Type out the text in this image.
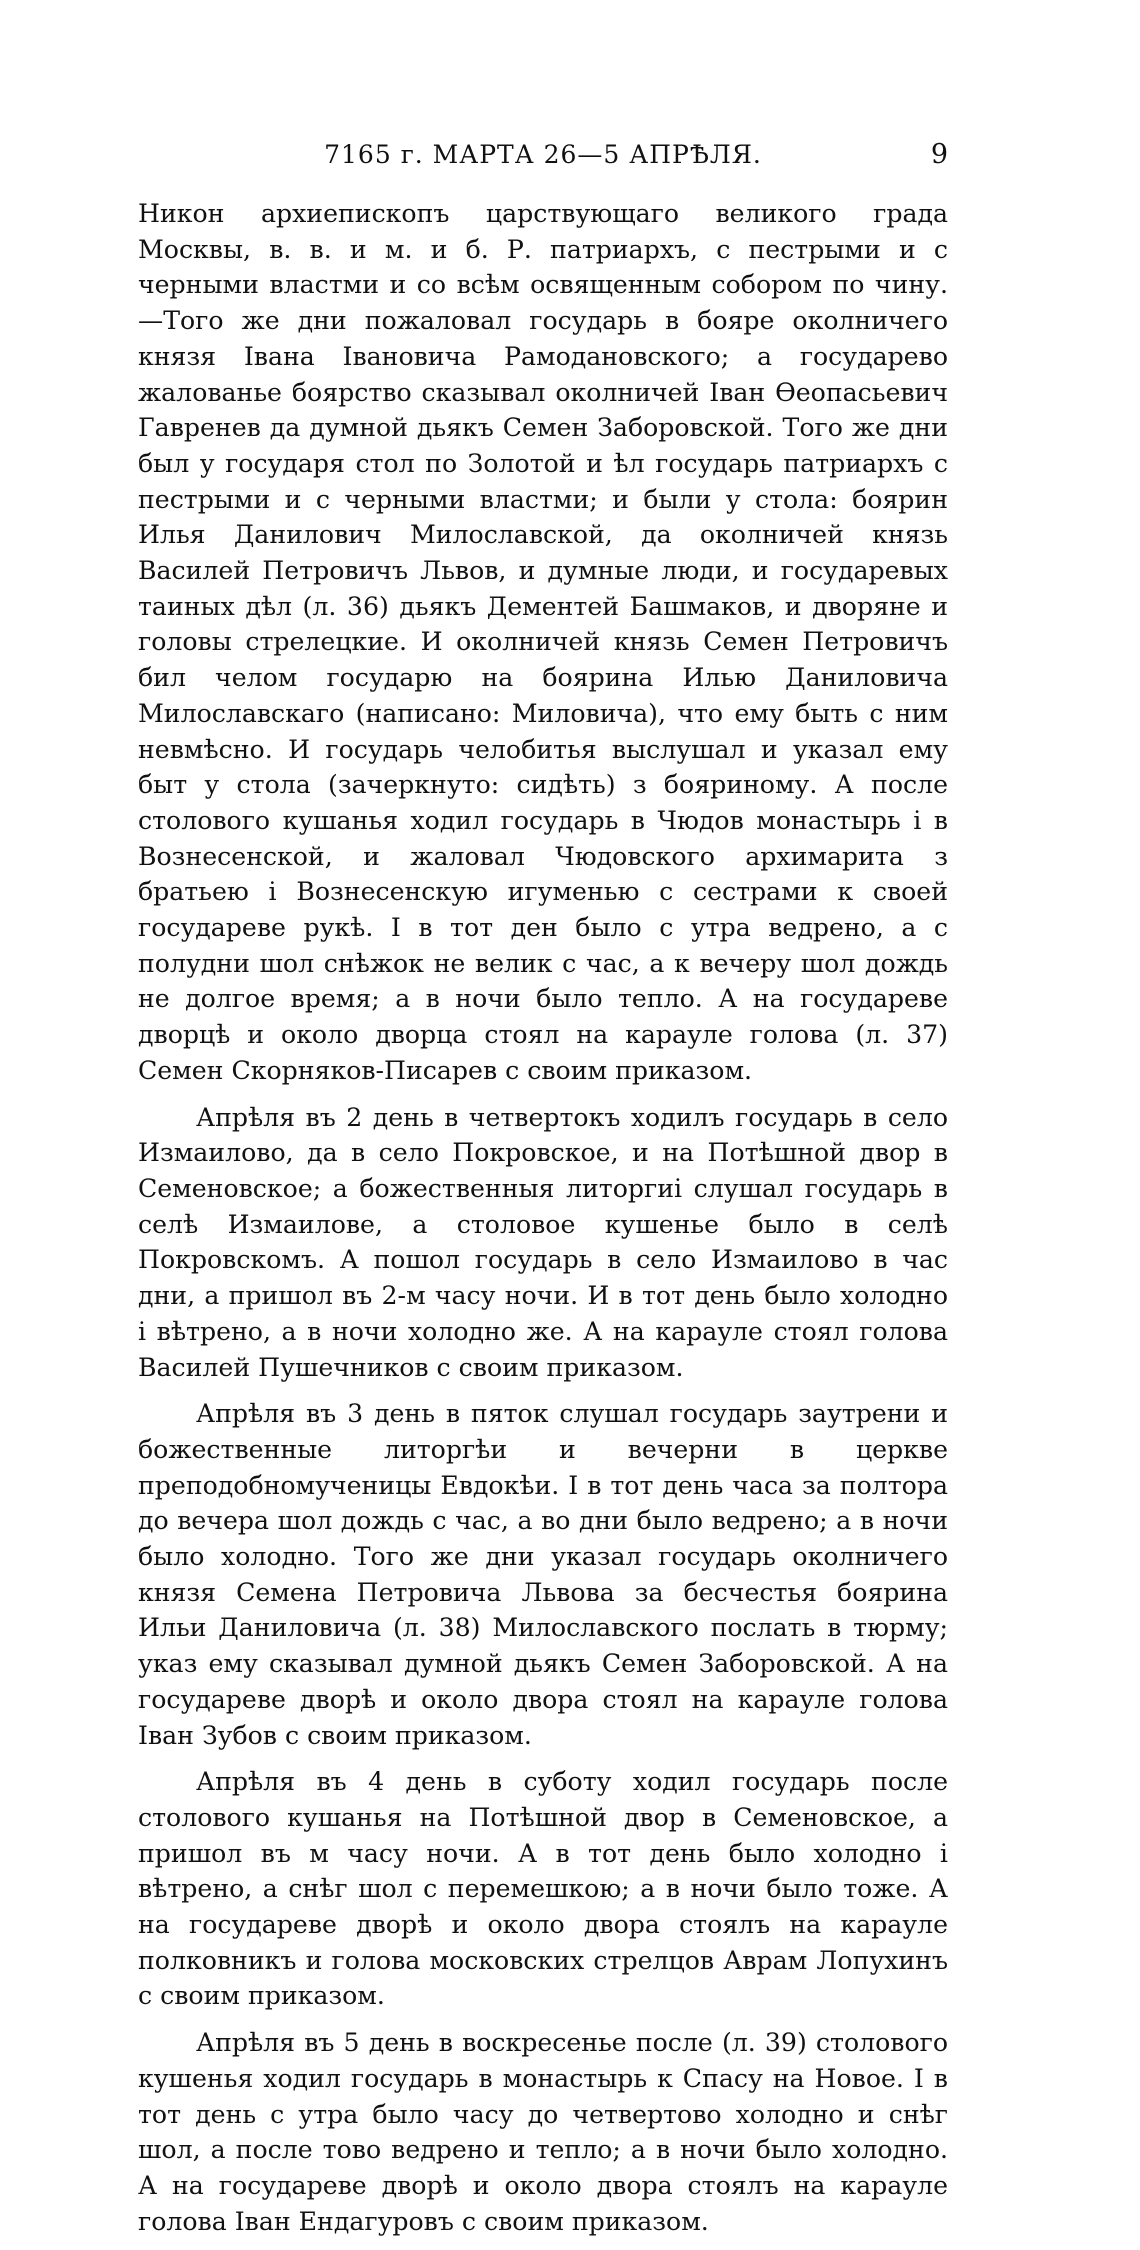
7165 г. МАРТА 26—5 АПРѢЛЯ.	9

Никон архиепископъ царствующаго великого града Москвы, в. в. и м. и б. Р. патриархъ, с пестрыми и с черными властми и со всѣм освященным собором по чину.—Того же дни пожаловал государь в бояре околничего князя Івана Івановича Рамодановского; а государево жалованье боярство сказывал околничей Іван Ѳеопасьевич Гавренев да думной дьякъ Семен Заборовской. Того же дни был у государя стол по Золотой и ѣл государь патриархъ с пестрыми и с черными властми; и были у стола: боярин Илья Данилович Милославской, да околничей князь Василей Петровичъ Львов, и думные люди, и государевых таиных дѣл (л. 36) дьякъ Дементей Башмаков, и дворяне и головы стрелецкие. И околничей князь Семен Петровичъ бил челом государю на боярина Илью Даниловича Милославскаго (написано: Миловича), что ему быть с ним невмѣсно. И государь челобитья выслушал и указал ему быт у стола (зачеркнуто: сидѣть) з бояриному. А после столового кушанья ходил государь в Чюдов монастырь і в Вознесенской, и жаловал Чюдовского архимарита з братьею і Вознесенскую игуменью с сестрами к своей государеве рукѣ. І в тот ден было с утра ведрено, а с полудни шол снѣжок не велик с час, а к вечеру шол дождь не долгое время; а в ночи было тепло. А на государеве дворцѣ и около дворца стоял на карауле голова (л. 37) Семен Скорняков-Писарев с своим приказом.

Апрѣля въ 2 день в четвертокъ ходилъ государь в село Измаилово, да в село Покровское, и на Потѣшной двор в Семеновское; а божественныя литоргиі слушал государь в селѣ Измаилове, а столовое кушенье было в селѣ Покровскомъ. А пошол государь в село Измаилово в час дни, а пришол въ 2-м часу ночи. И в тот день было холодно і вѣтрено, а в ночи холодно же. А на карауле стоял голова Василей Пушечников с своим приказом.

Апрѣля въ 3 день в пяток слушал государь заутрени и божественные литоргѣи и вечерни в церкве преподобномученицы Евдокѣи. І в тот день часа за полтора до вечера шол дождь с час, а во дни было ведрено; а в ночи было холодно. Того же дни указал государь околничего князя Семена Петровича Львова за бесчестья боярина Ильи Даниловича (л. 38) Милославского послать в тюрму; указ ему сказывал думной дьякъ Семен Заборовской. А на государеве дворѣ и около двора стоял на карауле голова Іван Зубов с своим приказом.

Апрѣля въ 4 день в суботу ходил государь после столового кушанья на Потѣшной двор в Семеновское, а пришол въ м часу ночи. А в тот день было холодно і вѣтрено, а снѣг шол с перемешкою; а в ночи было тоже. А на государеве дворѣ и около двора стоялъ на карауле полковникъ и голова московских стрелцов Аврам Лопухинъ с своим приказом.

Апрѣля въ 5 день в воскресенье после (л. 39) столового кушенья ходил государь в монастырь к Спасу на Новое. І в тот день с утра было часу до четвертово холодно и снѣг шол, а после тово ведрено и тепло; а в ночи было холодно. А на государеве дворѣ и около двора стоялъ на карауле голова Іван Ендагуровъ с своим приказом.
